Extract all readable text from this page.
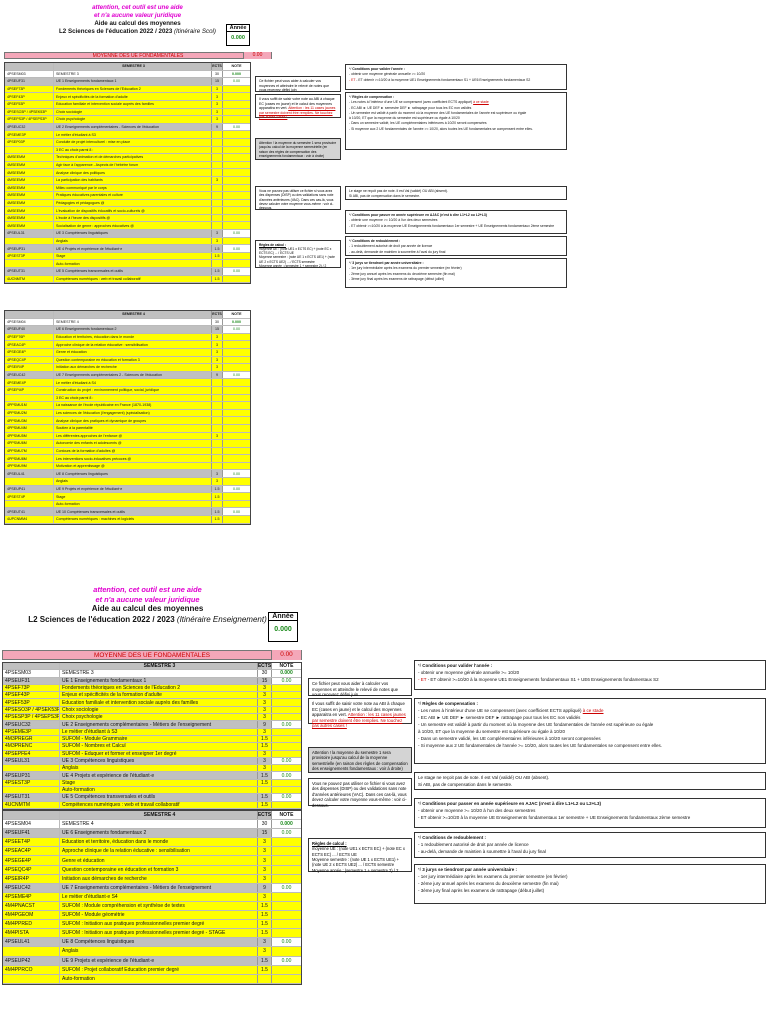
attention, cet outil est une aide
et n'a aucune valeur juridique
Aide au calcul des moyennes
L2 Sciences de l'éducation 2022 / 2023 (Itinéraire Scol)
Année
0.000
MOYENNE DES UE FONDAMENTALES	0.00
SEMESTRE 3	ECTS	NOTE
4PSESM03	SEMESTRE 3	30	0.000
4PSEUF31	UE 1 Enseignements fondamentaux 1	15	0.00
4PSEF73P	Fondements théoriques en Sciences de l'Education 2	3
4PSEF43P	Enjeux et spécificités de la formation d'adulte	3
4PSEF53P	Education familiale et intervention sociale auprès des familles	3
4PSESO3P / 4PSEK53P	Choix sociologie	3
4PSEPS3P / 4PSEPS3P	Choix psychologie	3
4PSEUC32	UE 2 Enseignements complémentaires - Sciences de l'éducation	9	0.00
4PSEME3P	Le métier d'étudiant à S3
4PSEP03P	Conduite de projet interculturel : mise en place
3 EC au choix parmi 8 :
4MSEEMM	Techniques d'animation et de démarches participatives
4MSEEMM	Agir face à l'apparence - Aspects de l'hébétre forum
4MSEEMM	Analyse clinique des politiques
4MSEEMM	La participation des habitants	3
4MSEEMM	Milieu communiqué par le corps
4MSEEMM	Pratiques éducatives parentales et culture
4MSEEMM	Pédagogies et pédagogues @
4MSEEMM	L'évaluation de dispositifs éducatifs et socio-culturels @
4MSEEMM	L'école à l'heure des dispositifs @
4MSEEMM	Socialisation de genre : approches éducatives @
4PSEUL31	UE 3 Compétences linguistiques	3	0.00
Anglais	3
4PSEUP31	UE 4 Projets et expérience de l'étudiant·e	1.5	0.00
4PSEST3P	Stage	1.5
Auto-formation
4PSEUT31	UE 5 Compétences transversales et outils	1.5	0.00
4UCNMTM	Compétences numériques : web et travail collaboratif	1.5
SEMESTRE 4	ECTS	NOTE
4PSESM04	SEMESTRE 4	30	0.000
4PSEUF40	UE 6 Enseignements fondamentaux 2	15	0.00
4PSEF76P	Education et territoires, éducation dans le monde	3
4PSEAC4P	Approche clinique de la relation éducative : sensibilisation	3
4PSEGE4P	Genre et éducation	3
4PSEQC4P	Question contemporaine en éducation et formation 3	3
4PSEIR4P	Initiation aux démarches de recherche	3
4PSEUC42	UE 7 Enseignements complémentaires 2 - Sciences de l'éducation	9	0.00
4PSEME4P	Le métier d'étudiant à S4
4PSEPI4P	Construction du projet : environnement politique, social, juridique
3 EC au choix parmi 8 :
4PPSMU1M	La naissance de l'école républicaine en France (1870-1938)
4PPSMU2M	Les sciences de l'éducation (l'engagement) (spécialisation)
4PPSMU3M	Analyse clinique des pratiques et dynamique de groupes
4PPSMU4M	Soutien à la parentalité
4PPSMU5M	Les différentes approches de l'enfance @	3
4PPSMU6M	Autonomie des enfants et adolescents @
4PPSMU7M	Contours de la formation d'adultes @
4PPSMU8M	Les interventions socio-éducatives précoces @
4PPSMU9M	Motivation et apprentissage @
4PSEUL41	UE 8 Compétences linguistiques	3	0.00
Anglais	3
4PSEUP41	UE 9 Projets et expérience de l'étudiant·e	1.5	0.00
4PSEST4P	Stage	1.5
Auto-formation
4PSEUT41	UE 10 Compétences transversales et outils	1.5	0.00
4UPCNMM4	Compétences numériques : machines et logiciels	1.5
Ce fichier peut vous aider à calculer vos moyennes et atteindre le relevé de notes que vous recevrez défini juin
Il vous suffit de saisir votre note au ABI à chaque EC (cases en jaune) et le calcul des moyennes apparaitra en vert. Attention : les 11 cases jaunes par semestre doivent être remplies. Ne touchez pas autres cases !
Attention ! la moyenne du semestre 1 sera provisoire jusqu'au calcul de la moyenne semestrielle (en raison des règles de compensation des enseignements fondamentaux : voir à droite)
Vous ne pouvez pas utiliser ce fichier si vous avez des dispenses (DISP) ou des validations sans note d'années antérieures (VAC). Dans ces cas-là, vous devez calculer votre moyenne vous-même : voir ci-dessous.
Règles de calcul :
moyenne UE : (note UE1 x ECTS EC) + (note EC x ECTS EC) ... / ECTS UE
Moyenne semestre : (note UE 1 x ECTS UE1) + (note UE 2 x ECTS UE2) ... / ECTS semestre
Moyenne année : (semestre 1 + semestre 2) / 2
*/ Conditions pour valider l'année :
- obtenir une moyenne générale annuelle >= 10/20
- ET - ET obtenir >=10/20 à la moyenne UE1 Enseignements fondamentaux S1 + UE6 Enseignements fondamentaux S2
*/ Règles de compensation :
- Les notes à l'intérieur d'une UE se compensent (avec coefficient ECTS appliqué) à ce stade
- EC ABI ► UE DEF ► semestre DEF ► rattrapage pour tous les EC non validés
- Un semestre est validé à partir du moment où la moyenne des UE fondamentales de l'année est supérieure ou égale
à 10/20, ET que la moyenne du semestre est supérieure ou égale à 10/20
- Dans un semestre validé, les UE complémentaires inférieures à 10/20 seront compensées
- Si moyenne aux 2 UE fondamentales de l'année >= 10/20, alors toutes les UE fondamentales se compensent entre elles.
Le stage ne reçoit pas de note. Il est Val (validé) OU ABI (absent).
Si ABI, pas de compensation dans le semestre.
*/ Conditions pour passer en année supérieure en AJAC (n'est à dire L1+L2 ou L2+L3)
- obtenir une moyenne >= 10/20 à l'un des deux semestres
- ET obtenir >=10/20 à la moyenne UE Enseignements fondamentaux 1er semestre + UE Enseignements fondamentaux 2ème semestre
*/ Conditions de redoublement :
- 1 redoublement autorisé de droit par année de licence
- au-delà, demande de maintien à soumettre à l'aval du jury final
*/ 3 jurys se tiendront par année universitaire :
- 1er jury intermédiaire après les examens du premier semestre (en février)
- 2ème jury annuel après les examens du deuxième semestre (fin mai)
- 3ème jury final après les examens de rattrapage (début juillet)
attention, cet outil est une aide
et n'a aucune valeur juridique
Aide au calcul des moyennes
L2 Sciences de l'éducation 2022 / 2023 (Itinéraire Enseignement) Année
0.000
MOYENNE DES UE FONDAMENTALES	0.00
SEMESTRE 3	ECTS	NOTE
4PSESM03	SEMESTRE 3	30	0.000
4PSEUF31	UE 1 Enseignements fondamentaux 1	15	0.00
4PSEF73P	Fondements théoriques en Sciences de l'Education 2	3
4PSEF43P	Enjeux et spécificités de la formation d'adulte	3
4PSEF53P	Education familiale et intervention sociale auprès des familles	3
4PSESO3P / 4PSEK53P Choix sociologie	3
4PSESP3P / 4PSEPS3P Choix psychologie	3
4PSEUC32	UE 2 Enseignements complémentaires - Métiers de l'enseignement	9	0.00
4PSEME3P	Le métier d'étudiant à S3	3
4M3PREGR	SUFOM - Module Grammaire	1.5
4M3PRENC	SUFOM - Nombres et Calcul	1.5
4PSEPFE4	SUFOM - Eduquer et former et enseigner 1er degré	3
4PSEUL31	UE 3 Compétences linguistiques	3	0.00
Anglais	3
4PSEUP31	UE 4 Projets et expérience de l'étudiant·e	1.5	0.00
4PSEST3P	Stage	1.5
Auto-formation
4PSEUT31	UE 5 Compétences transversales et outils	1.5	0.00
4UCNMTM	Compétences numériques : web et travail collaboratif	1.5
SEMESTRE 4	ECTS	NOTE
4PSESM04	SEMESTRE 4	30	0.000
4PSEUF41	UE 6 Enseignements fondamentaux 2	15	0.00
4PSEET4P	Education et territoire, éducation dans le monde	3
4PSEAC4P	Approche clinique de la relation éducative : sensibilisation	3
4PSEGE4P	Genre et éducation	3
4PSEQC4P	Question contemporaine en éducation et formation 3	3
4PSEIR4P	Initiation aux démarches de recherche	3
4PSEUC42	UE 7 Enseignements complémentaires - Métiers de l'enseignement	9	0.00
4PSEME4P	Le métier d'étudiant·e S4	3
4M4PNACST	SUFOM : Module compréhension et synthèse de textes	1.5
4M4PGEOM	SUFOM - Module géométrie	1.5
4M4PPRED	SUFOM : Initiation aux pratiques professionnelles premier degré	1.5
4M4PISTA	SUFOM : Initiation aux pratiques professionnelles premier degré - STAGE	1.5
4PSEUL41	UE 8 Compétences linguistiques	3	0.00
Anglais	3
4PSEUP42	UE 9 Projets et expérience de l'étudiant·e	1.5	0.00
4M4PPRCO	SUFOM : Projet collaboratif Education premier degré	1.5
Auto-formation
Ce fichier peut vous aider à calculer vos moyennes et atteindre le relevé de notes que vous recevrez défini juin
Il vous suffit de saisir votre note au ABI à chaque EC (cases en jaune) et le calcul des moyennes apparaitra en vert. Attention : les 11 cases jaunes par semestre doivent être remplies. Ne touchez pas autres cases !
Attention ! la moyenne du semestre 1 sera provisoire jusqu'au calcul de la moyenne semestrielle (en raison des règles de compensation des enseignements fondamentaux : voir à droite)
Vous ne pouvez pas utiliser ce fichier si vous avez des dispenses (DISP) ou des validations sans note d'années antérieures (VAC). Dans ces cas-là, vous devez calculer votre moyenne vous-même : voir ci-dessous.
Règles de calcul :
moyenne UE : (note UE1 x ECTS EC) + (note EC x ECTS EC) ... / ECTS UE
Moyenne semestre : (note UE 1 x ECTS UE1) + (note UE 2 x ECTS UE2) ... / ECTS semestre
Moyenne année : (semestre 1 + semestre 2) / 2
*/ Conditions pour valider l'année :
- obtenir une moyenne générale annuelle >= 10/20
- ET - ET obtenir >=10/20 à la moyenne UE1 Enseignements fondamentaux S1 + UE6 Enseignements fondamentaux S2
*/ Règles de compensation :
- Les notes à l'intérieur d'une UE se compensent (avec coefficient ECTS appliqué) à ce stade
- EC ABI ► UE DEF ► semestre DEF ► rattrapage pour tous les EC non validés
- Un semestre est validé à partir du moment où la moyenne des UE fondamentales de l'année est supérieure ou égale
à 10/20, ET que la moyenne du semestre est supérieure ou égale à 10/20
- Dans un semestre validé, les UE complémentaires inférieures à 10/20 seront compensées
- Si moyenne aux 2 UE fondamentales de l'année >= 10/20, alors toutes les UE fondamentales se compensent entre elles.
Le stage ne reçoit pas de note. Il est Val (validé) OU ABI (absent).
Si ABI, pas de compensation dans le semestre.
*/ Conditions pour passer en année supérieure en AJAC (n'est à dire L1+L2 ou L2+L3)
- obtenir une moyenne >= 10/20 à l'un des deux semestres
- ET obtenir >=10/20 à la moyenne UE Enseignements fondamentaux 1er semestre + UE Enseignements fondamentaux 2ème semestre
*/ Conditions de redoublement :
- 1 redoublement autorisé de droit par année de licence
- au-delà, demande de maintien à soumettre à l'aval du jury final
*/ 3 jurys se tiendront par année universitaire :
- 1er jury intermédiaire après les examens du premier semestre (en février)
- 2ème jury annuel après les examens du deuxième semestre (fin mai)
- 3ème jury final après les examens de rattrapage (début juillet)
